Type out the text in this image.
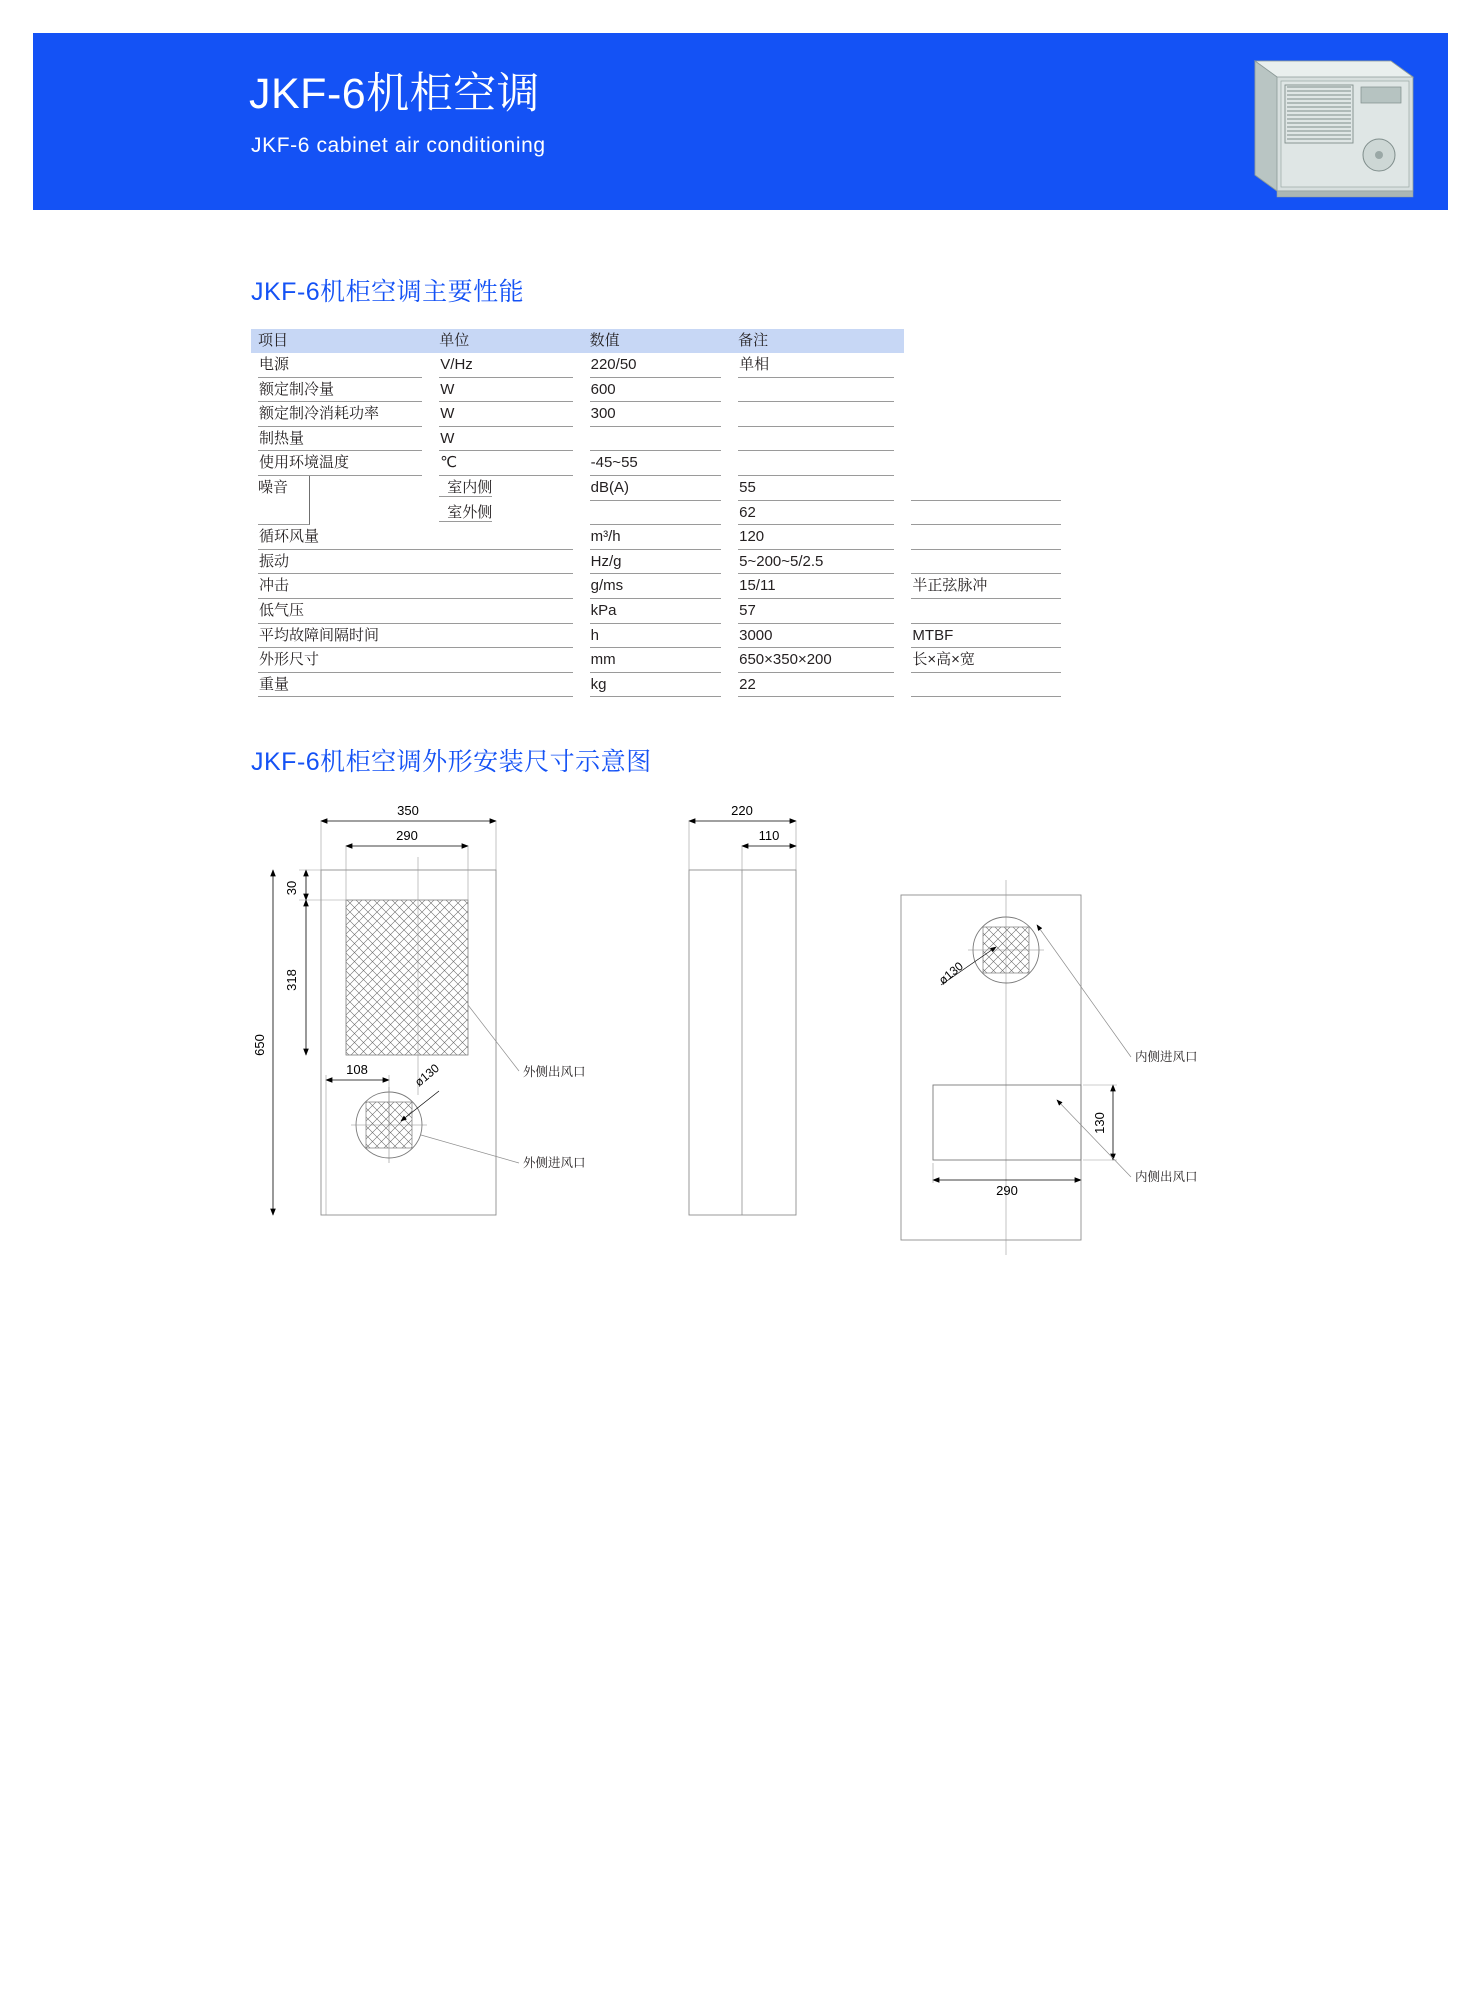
JKF-6机柜空调
JKF-6 cabinet air conditioning
JKF-6机柜空调主要性能
项目	单位	数值	备注	

电源	V/Hz	220/50	单相	

额定制冷量	W	600		

额定制冷消耗功率	W	300		

制热量	W			

使用环境温度	℃	-45~55		

噪音	室内侧	dB(A)	55	

	室外侧		62	

循环风量		m³/h	120	

振动		Hz/g	5~200~5/2.5	

冲击		g/ms	15/11	半正弦脉冲

低气压		kPa	57	

平均故障间隔时间		h	3000	MTBF

外形尺寸		mm	650×350×200	长×高×宽

重量		kg	22	

JKF-6机柜空调外形安装尺寸示意图
350
290
30
318
650
108	ø130	外侧出风口
外侧进风口
220
110
ø130
290
130
内侧进风口
内侧出风口
